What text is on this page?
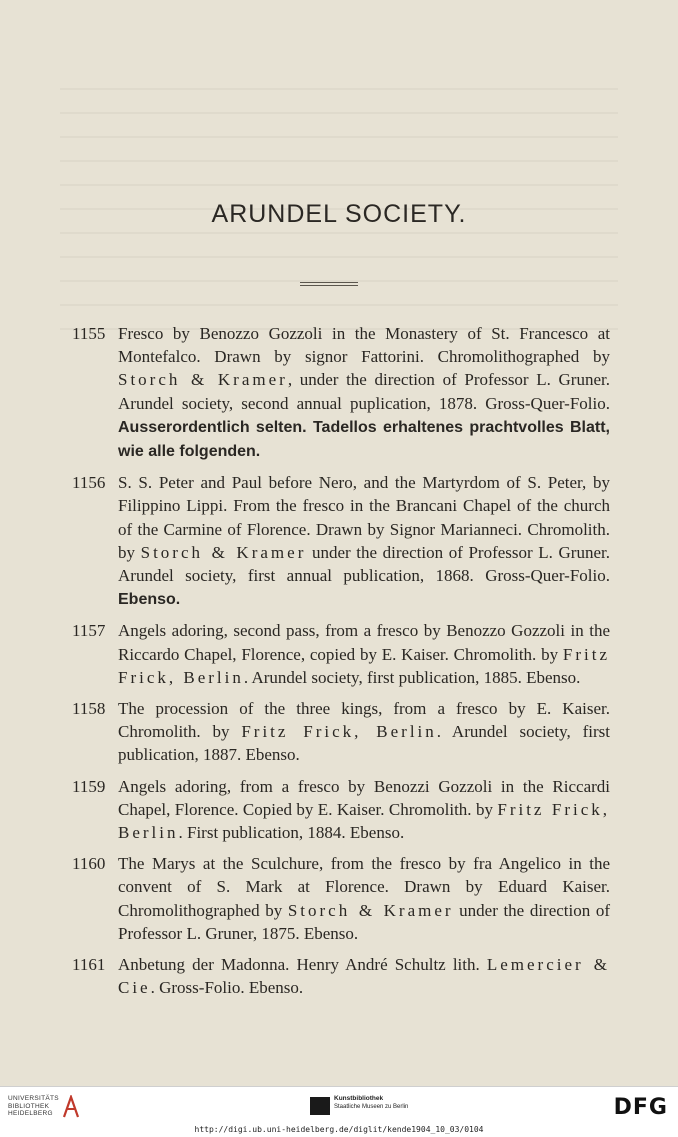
ARUNDEL SOCIETY.
1155 Fresco by Benozzo Gozzoli in the Monastery of St. Francesco at Montefalco. Drawn by signor Fattorini. Chromolithographed by Storch & Kramer, under the direction of Professor L. Gruner. Arundel society, second annual puplication, 1878. Gross-Quer-Folio. Ausserordentlich selten. Tadellos erhaltenes prachtvolles Blatt, wie alle folgenden.
1156 S. S. Peter and Paul before Nero, and the Martyrdom of S. Peter, by Filippino Lippi. From the fresco in the Brancani Chapel of the church of the Carmine of Florence. Drawn by Signor Marianneci. Chromolith. by Storch & Kramer under the direction of Professor L. Gruner. Arundel society, first annual publication, 1868. Gross-Quer-Folio. Ebenso.
1157 Angels adoring, second pass, from a fresco by Benozzo Gozzoli in the Riccardo Chapel, Florence, copied by E. Kaiser. Chromolith. by Fritz Frick, Berlin. Arundel society, first publication, 1885. Ebenso.
1158 The procession of the three kings, from a fresco by E. Kaiser. Chromolith. by Fritz Frick, Berlin. Arundel society, first publication, 1887. Ebenso.
1159 Angels adoring, from a fresco by Benozzi Gozzoli in the Riccardi Chapel, Florence. Copied by E. Kaiser. Chromolith. by Fritz Frick, Berlin. First publication, 1884. Ebenso.
1160 The Marys at the Sculchure, from the fresco by fra Angelico in the convent of S. Mark at Florence. Drawn by Eduard Kaiser. Chromolithographed by Storch & Kramer under the direction of Professor L. Gruner, 1875. Ebenso.
1161 Anbetung der Madonna. Henry André Schultz lith. Lemercier & Cie. Gross-Folio. Ebenso.
UNIVERSITÄTS
BIBLIOTHEK
HEIDELBERG
Kunstbibliothek
Staatliche Museen zu Berlin	DFG
http://digi.ub.uni-heidelberg.de/diglit/kende1904_10_03/0104
